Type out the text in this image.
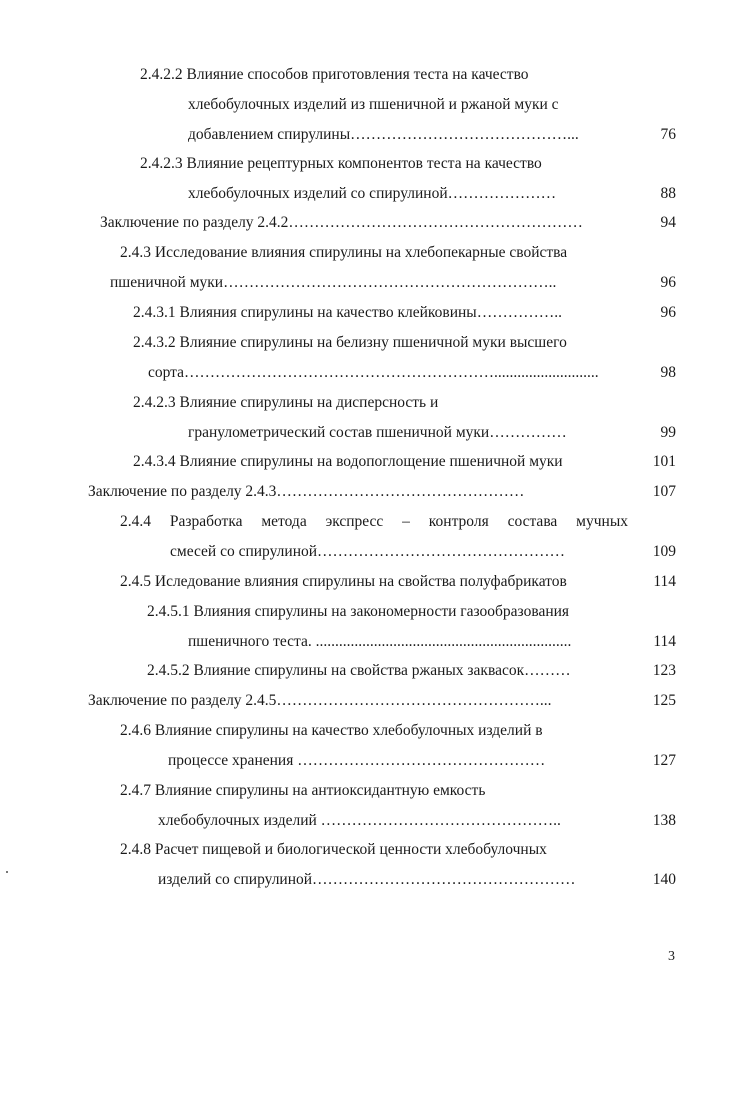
2.4.2.2 Влияние способов приготовления теста на качество
хлебобулочных изделий из пшеничной и ржаной муки с
добавлением спирулины……………………………………...	76
2.4.2.3 Влияние рецептурных компонентов теста на качество
хлебобулочных изделий со спирулиной…………………	88
Заключение по разделу 2.4.2…………………………………………………	94
2.4.3 Исследование влияния спирулины на хлебопекарные свойства
пшеничной муки………………………………………………………..	96
2.4.3.1 Влияния спирулины на качество клейковины……………..	96
2.4.3.2 Влияние спирулины на белизну пшеничной муки высшего
сорта……………………………………………………...........................	98
2.4.2.3 Влияние спирулины на дисперсность и
гранулометрический состав пшеничной муки……………	99
2.4.3.4 Влияние спирулины на водопоглощение пшеничной муки	101
Заключение по разделу 2.4.3…………………………………………	107
2.4.4 Разработка метода экспресс – контроля состава мучных
смесей со спирулиной…………………………………………	109
2.4.5 Иследование влияния спирулины на свойства полуфабрикатов	114
2.4.5.1 Влияния спирулины на закономерности газообразования
пшеничного теста. ..................................................................	114
2.4.5.2 Влияние спирулины на свойства ржаных заквасок………	123
Заключение по разделу 2.4.5……………………………………………...	125
2.4.6 Влияние спирулины на качество хлебобулочных изделий в
процессе хранения …………………………………………	127
2.4.7 Влияние спирулины на антиоксидантную емкость
хлебобулочных изделий ………………………………………..	138
2.4.8 Расчет пищевой и биологической ценности хлебобулочных
изделий со спирулиной……………………………………………	140
3
